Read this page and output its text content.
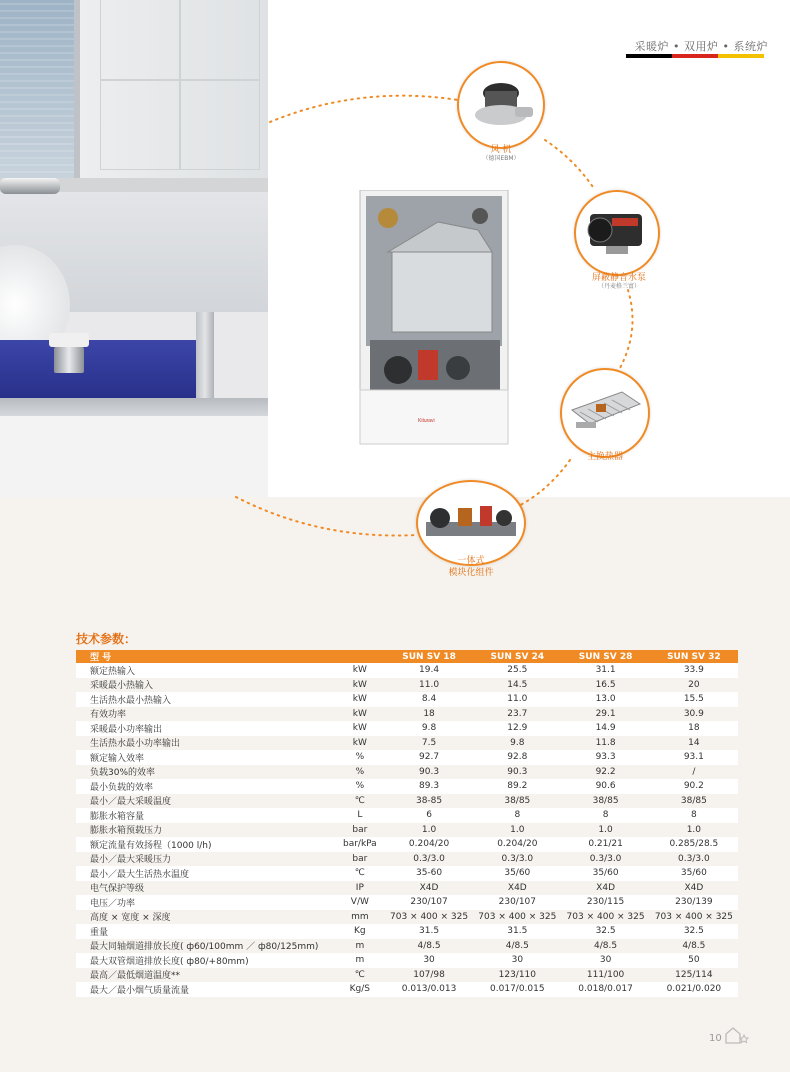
采暖炉 • 双用炉 • 系统炉
Kituravi
风 机
（德国EBM）
屏蔽静音水泵
（丹麦格兰富）
主换热器
一体式
模块化组件
技术参数：
型 号		SUN SV 18	SUN SV 24	SUN SV 28	SUN SV 32
额定热输入	kW	19.4	25.5	31.1	33.9
采暖最小热输入	kW	11.0	14.5	16.5	20
生活热水最小热输入	kW	8.4	11.0	13.0	15.5
有效功率	kW	18	23.7	29.1	30.9
采暖最小功率输出	kW	9.8	12.9	14.9	18
生活热水最小功率输出	kW	7.5	9.8	11.8	14
额定输入效率	%	92.7	92.8	93.3	93.1
负载30%的效率	%	90.3	90.3	92.2	/
最小负载的效率	%	89.3	89.2	90.6	90.2
最小／最大采暖温度	℃	38-85	38/85	38/85	38/85
膨胀水箱容量	L	6	8	8	8
膨胀水箱预载压力	bar	1.0	1.0	1.0	1.0
额定流量有效扬程（1000 l/h)	bar/kPa	0.204/20	0.204/20	0.21/21	0.285/28.5
最小／最大采暖压力	bar	0.3/3.0	0.3/3.0	0.3/3.0	0.3/3.0
最小／最大生活热水温度	℃	35-60	35/60	35/60	35/60
电气保护等级	IP	X4D	X4D	X4D	X4D
电压／功率	V/W	230/107	230/107	230/115	230/139
高度 × 宽度 × 深度	mm	703 × 400 × 325	703 × 400 × 325	703 × 400 × 325	703 × 400 × 325
重量	Kg	31.5	31.5	32.5	32.5
最大同轴烟道排放长度( ф60/100mm ／ ф80/125mm)	m	4/8.5	4/8.5	4/8.5	4/8.5
最大双管烟道排放长度( ф80/+80mm)	m	30	30	30	50
最高／最低烟道温度**	℃	107/98	123/110	111/100	125/114
最大／最小烟气质量流量	Kg/S	0.013/0.013	0.017/0.015	0.018/0.017	0.021/0.020
10
